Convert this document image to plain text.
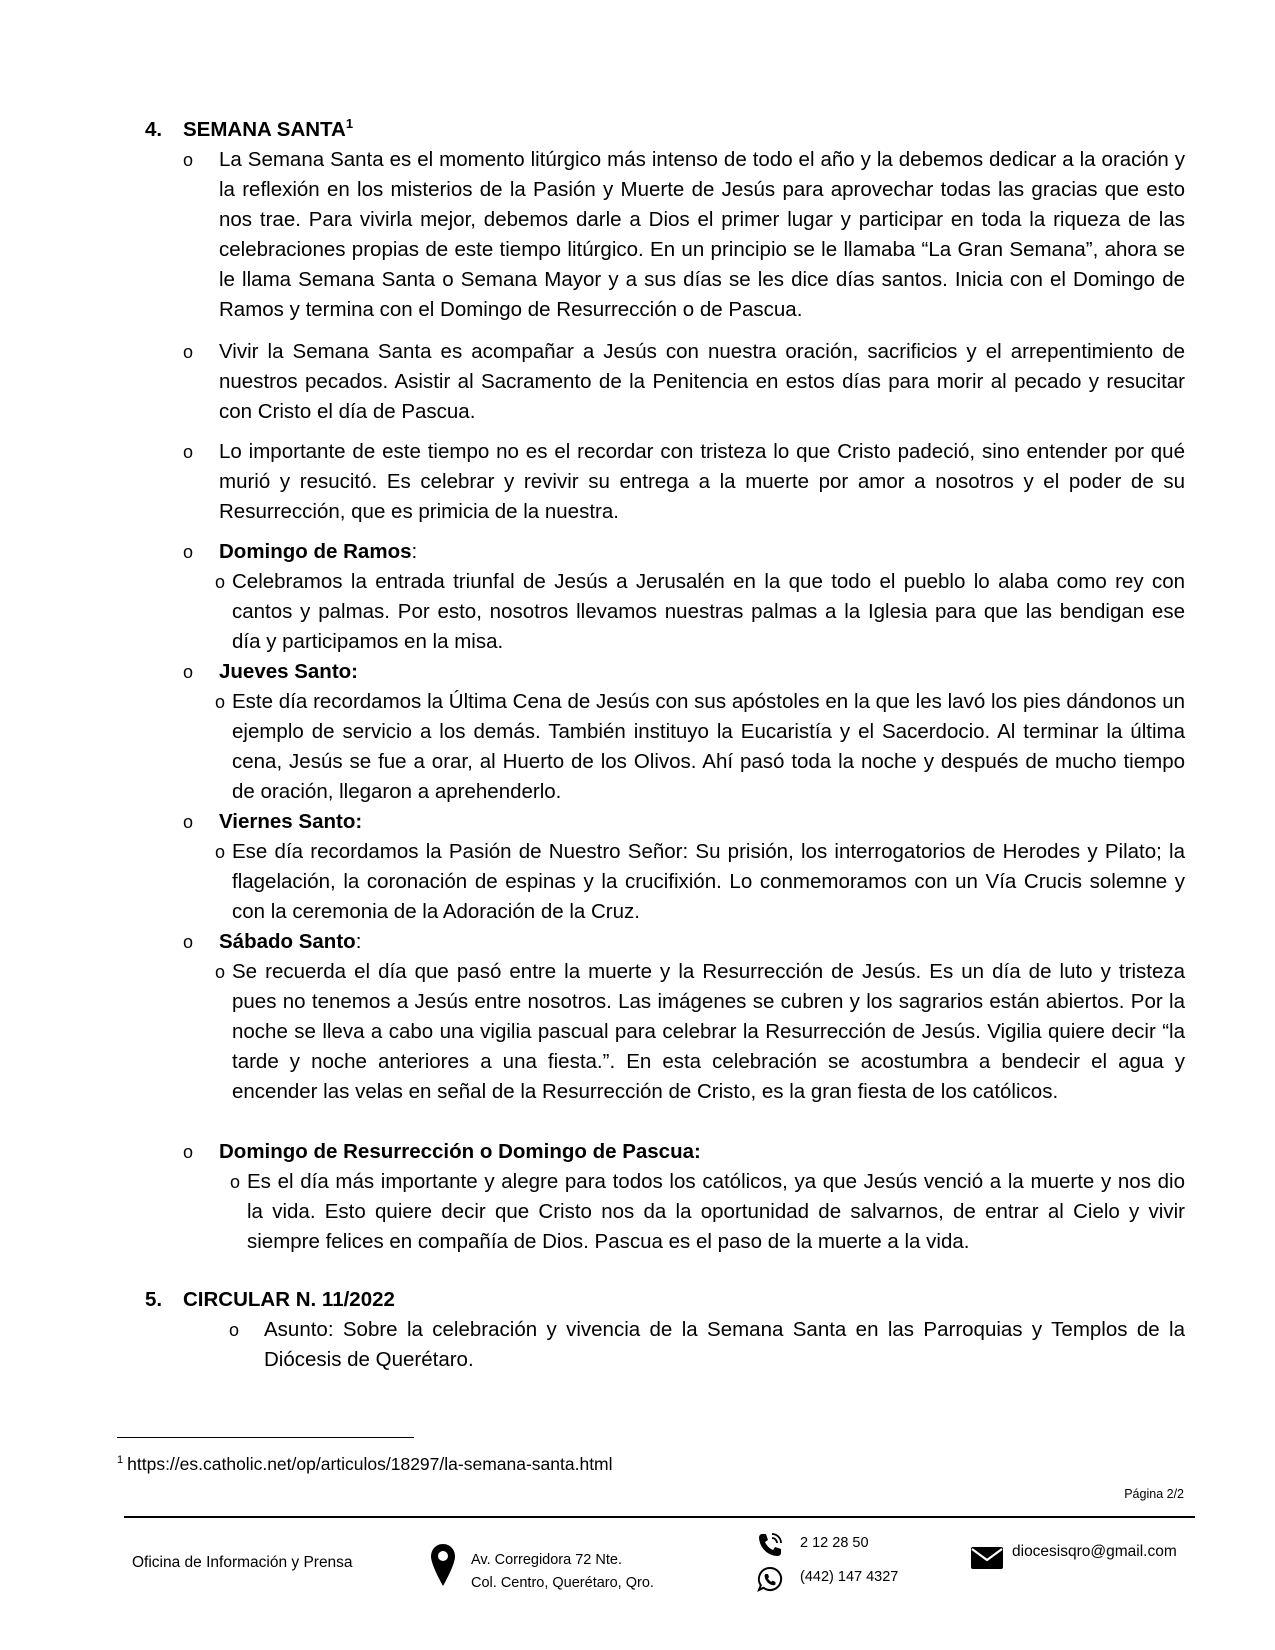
4. SEMANA SANTA$^1$
o	La Semana Santa es el momento litúrgico más intenso de todo el año y la debemos dedicar a la oración y la reflexión en los misterios de la Pasión y Muerte de Jesús para aprovechar todas las gracias que esto nos trae. Para vivirla mejor, debemos darle a Dios el primer lugar y participar en toda la riqueza de las celebraciones propias de este tiempo litúrgico. En un principio se le llamaba “La Gran Semana”, ahora se le llama Semana Santa o Semana Mayor y a sus días se les dice días santos. Inicia con el Domingo de Ramos y termina con el Domingo de Resurrección o de Pascua.
o	Vivir la Semana Santa es acompañar a Jesús con nuestra oración, sacrificios y el arrepentimiento de nuestros pecados. Asistir al Sacramento de la Penitencia en estos días para morir al pecado y resucitar con Cristo el día de Pascua.
o	Lo importante de este tiempo no es el recordar con tristeza lo que Cristo padeció, sino entender por qué murió y resucitó. Es celebrar y revivir su entrega a la muerte por amor a nosotros y el poder de su Resurrección, que es primicia de la nuestra.
o	Domingo de Ramos:
o Celebramos la entrada triunfal de Jesús a Jerusalén en la que todo el pueblo lo alaba como rey con cantos y palmas. Por esto, nosotros llevamos nuestras palmas a la Iglesia para que las bendigan ese día y participamos en la misa.
o	Jueves Santo:
o Este día recordamos la Última Cena de Jesús con sus apóstoles en la que les lavó los pies dándonos un ejemplo de servicio a los demás. También instituyo la Eucaristía y el Sacerdocio. Al terminar la última cena, Jesús se fue a orar, al Huerto de los Olivos. Ahí pasó toda la noche y después de mucho tiempo de oración, llegaron a aprehenderlo.
o	Viernes Santo:
o Ese día recordamos la Pasión de Nuestro Señor: Su prisión, los interrogatorios de Herodes y Pilato; la flagelación, la coronación de espinas y la crucifixión. Lo conmemoramos con un Vía Crucis solemne y con la ceremonia de la Adoración de la Cruz.
o	Sábado Santo:
o Se recuerda el día que pasó entre la muerte y la Resurrección de Jesús. Es un día de luto y tristeza pues no tenemos a Jesús entre nosotros. Las imágenes se cubren y los sagrarios están abiertos. Por la noche se lleva a cabo una vigilia pascual para celebrar la Resurrección de Jesús. Vigilia quiere decir “la tarde y noche anteriores a una fiesta.”. En esta celebración se acostumbra a bendecir el agua y encender las velas en señal de la Resurrección de Cristo, es la gran fiesta de los católicos.
o	Domingo de Resurrección o Domingo de Pascua:
o Es el día más importante y alegre para todos los católicos, ya que Jesús venció a la muerte y nos dio la vida. Esto quiere decir que Cristo nos da la oportunidad de salvarnos, de entrar al Cielo y vivir siempre felices en compañía de Dios. Pascua es el paso de la muerte a la vida.
5. CIRCULAR N. 11/2022
o	Asunto: Sobre la celebración y vivencia de la Semana Santa en las Parroquias y Templos de la Diócesis de Querétaro.
$^1$ https://es.catholic.net/op/articulos/18297/la-semana-santa.html
Página 2/2
Oficina de Información y Prensa	Av. Corregidora 72 Nte.
Col. Centro, Querétaro, Qro.
2 12 28 50
(442) 147 4327
diocesisqro@gmail.com
